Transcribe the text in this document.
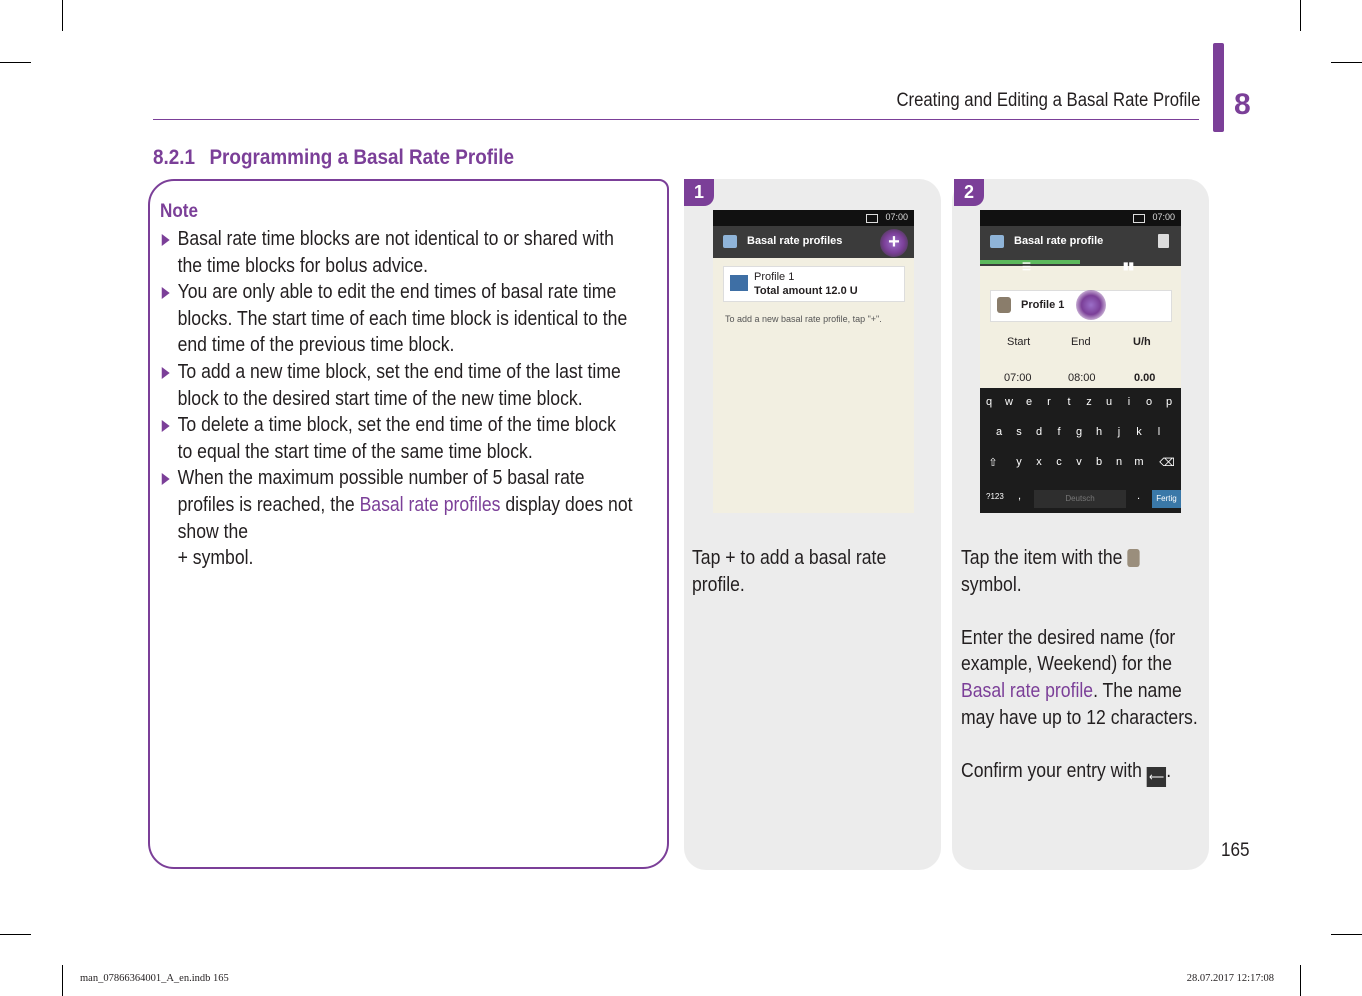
Creating and Editing a Basal Rate Profile 8
8.2.1 Programming a Basal Rate Profile
Note
Basal rate time blocks are not identical to or shared with the time blocks for bolus advice.
You are only able to edit the end times of basal rate time blocks. The start time of each time block is identical to the end time of the previous time block.
To add a new time block, set the end time of the last time block to the desired start time of the new time block.
To delete a time block, set the end time of the time block to equal the start time of the same time block.
When the maximum possible number of 5 basal rate profiles is reached, the Basal rate profiles display does not show the
+ symbol.
1
07:00
Basal rate profiles	+
Profile 1
Total amount 12.0 U
To add a new basal rate profile, tap "+".
Tap + to add a basal rate profile.
2
07:00
Basal rate profile
☰	▮▮
Profile 1
Start	End	U/h
07:00	08:00	0.00
q	w	e	r	t	z	u	i	o	p
a	s	d	f	g	h	j	k	l
⇧	y	x	c	v	b	n	m ⌫
?123 ,	Deutsch	.	Fertig
Tap the item with the
symbol.

Enter the desired name (for example, Weekend) for the Basal rate profile. The name may have up to 12 characters.

Confirm your entry with ⟵ .
165
man_07866364001_A_en.indb 165	28.07.2017 12:17:08
